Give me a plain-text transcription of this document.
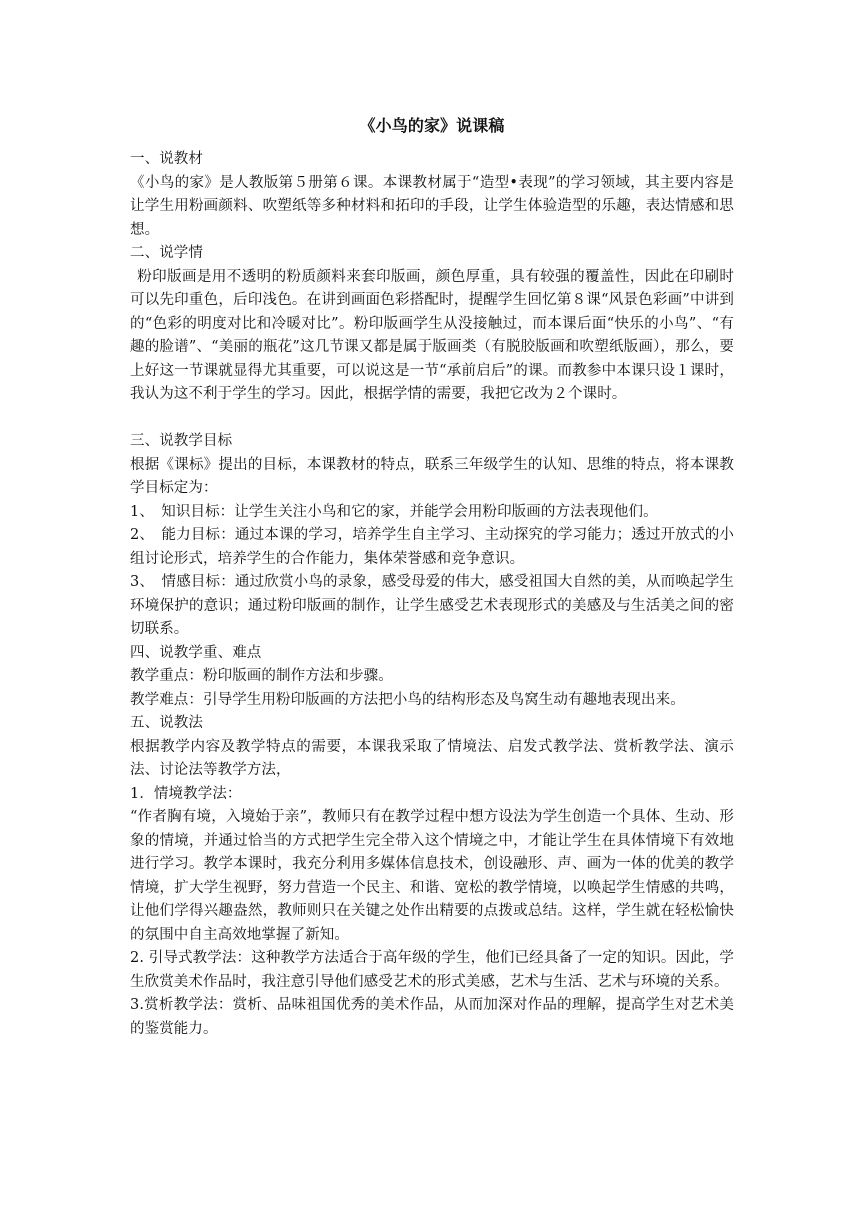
《小鸟的家》说课稿
一、说教材
《小鸟的家》是人教版第５册第６课。本课教材属于“造型•表现”的学习领域，其主要内容是让学生用粉画颜料、吹塑纸等多种材料和拓印的手段，让学生体验造型的乐趣，表达情感和思想。
二、说学情
粉印版画是用不透明的粉质颜料来套印版画，颜色厚重，具有较强的覆盖性，因此在印刷时可以先印重色，后印浅色。在讲到画面色彩搭配时，提醒学生回忆第８课“风景色彩画”中讲到的“色彩的明度对比和冷暖对比”。粉印版画学生从没接触过，而本课后面“快乐的小鸟”、“有趣的脸谱”、“美丽的瓶花”这几节课又都是属于版画类（有脱胶版画和吹塑纸版画），那么，要上好这一节课就显得尤其重要，可以说这是一节“承前启后”的课。而教参中本课只设１课时，我认为这不利于学生的学习。因此，根据学情的需要，我把它改为２个课时。
三、说教学目标
根据《课标》提出的目标，本课教材的特点，联系三年级学生的认知、思维的特点，将本课教学目标定为：
1、　知识目标：让学生关注小鸟和它的家，并能学会用粉印版画的方法表现他们。
2、　能力目标：通过本课的学习，培养学生自主学习、主动探究的学习能力；透过开放式的小组讨论形式，培养学生的合作能力，集体荣誉感和竞争意识。
3、　情感目标：通过欣赏小鸟的录象，感受母爱的伟大，感受祖国大自然的美，从而唤起学生环境保护的意识；通过粉印版画的制作，让学生感受艺术表现形式的美感及与生活美之间的密切联系。
四、说教学重、难点
教学重点：粉印版画的制作方法和步骤。
教学难点：引导学生用粉印版画的方法把小鸟的结构形态及鸟窝生动有趣地表现出来。
五、说教法
根据教学内容及教学特点的需要，本课我采取了情境法、启发式教学法、赏析教学法、演示法、讨论法等教学方法，
1．情境教学法：
“作者胸有境，入境始于亲”，教师只有在教学过程中想方设法为学生创造一个具体、生动、形象的情境，并通过恰当的方式把学生完全带入这个情境之中，才能让学生在具体情境下有效地进行学习。教学本课时，我充分利用多媒体信息技术，创设融形、声、画为一体的优美的教学情境，扩大学生视野，努力营造一个民主、和谐、宽松的教学情境，以唤起学生情感的共鸣，让他们学得兴趣盎然，教师则只在关键之处作出精要的点拨或总结。这样，学生就在轻松愉快的氛围中自主高效地掌握了新知。
2. 引导式教学法：这种教学方法适合于高年级的学生，他们已经具备了一定的知识。因此，学生欣赏美术作品时，我注意引导他们感受艺术的形式美感，艺术与生活、艺术与环境的关系。
3.赏析教学法：赏析、品味祖国优秀的美术作品，从而加深对作品的理解，提高学生对艺术美的鉴赏能力。
